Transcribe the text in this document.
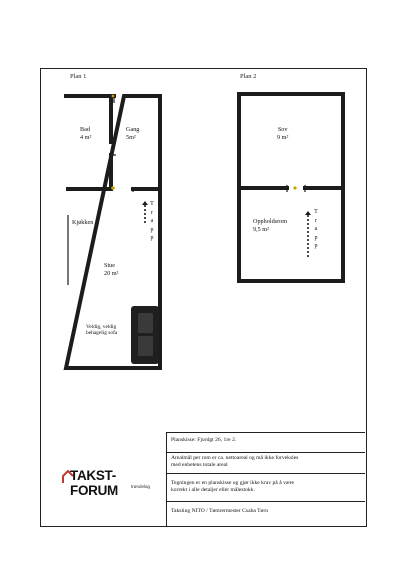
Plan 1	Plan 2
Bad
4 m²
Gang
5m²
Kjøkken
Stue
20 m²
T
r
a
p
p
Veldig, veldig
behagelig sofa
Sov
9 m²
Oppholdsrom
9,5 m²
T
r
a
p
p
TAKST-FORUM	trøndelag
Planskisse: Fjordgt 26, 1re 2.
Arealmål per rom er ca. nettoareal og må ikke forveksles
med enhetens totale areal
Tegningen er en planskisse og gjør ikke krav på å være
korrekt i alle detaljer eller målestokk.
Taksting NITO / Tømrermester Csaba Tørn
